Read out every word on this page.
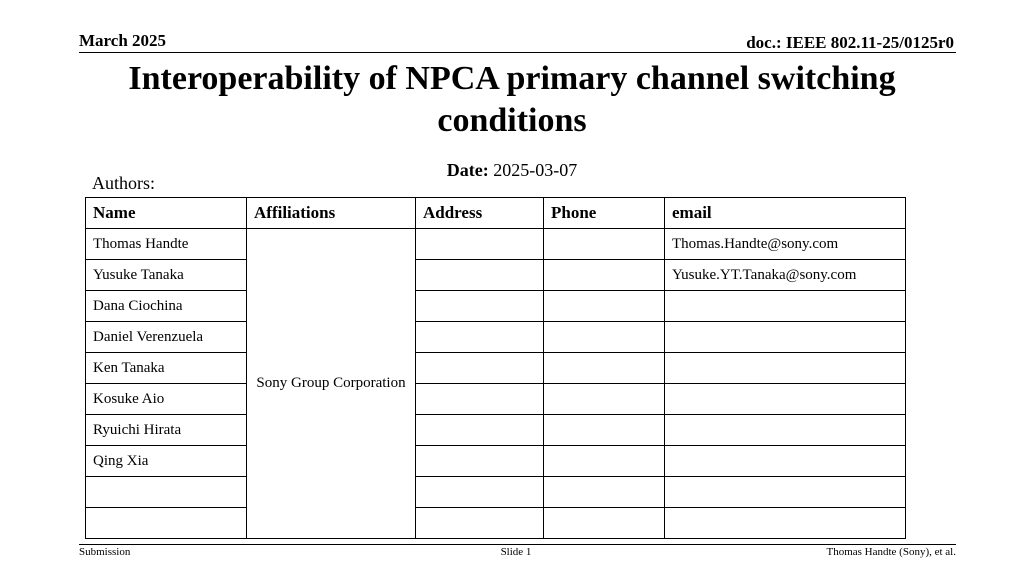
March 2025	doc.: IEEE 802.11-25/0125r0
Interoperability of NPCA primary channel switching conditions
Date: 2025-03-07
Authors:
Name	Affiliations	Address	Phone	email
Thomas Handte	Sony Group Corporation			Thomas.Handte@sony.com
Yusuke Tanaka				Yusuke.YT.Tanaka@sony.com
Dana Ciochina				
Daniel Verenzuela				
Ken Tanaka				
Kosuke Aio				
Ryuichi Hirata				
Qing Xia				

Submission	Slide 1	Thomas Handte (Sony), et al.
